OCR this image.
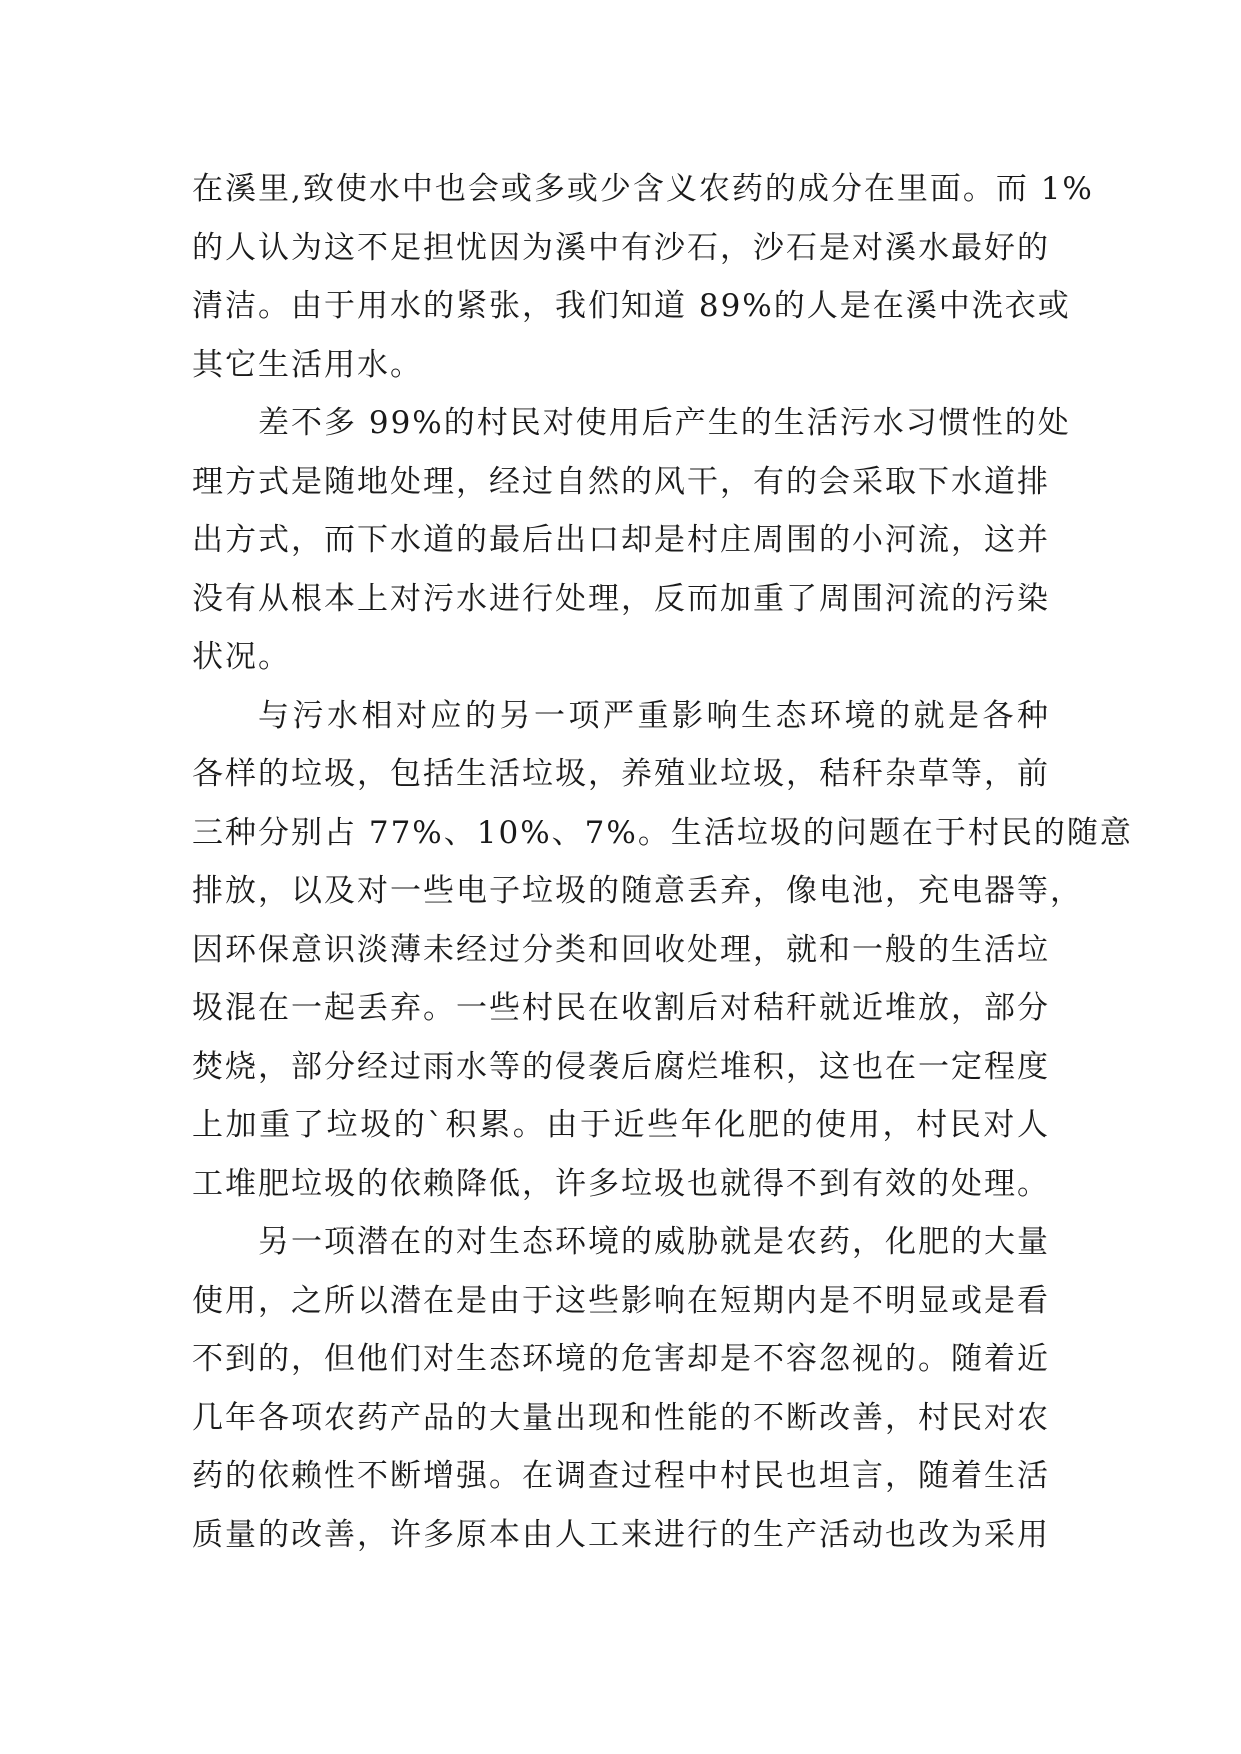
在溪里,致使水中也会或多或少含义农药的成分在里面。而 1%
的人认为这不足担忧因为溪中有沙石，沙石是对溪水最好的
清洁。由于用水的紧张，我们知道 89%的人是在溪中洗衣或
其它生活用水。
差不多 99%的村民对使用后产生的生活污水习惯性的处
理方式是随地处理，经过自然的风干，有的会采取下水道排
出方式，而下水道的最后出口却是村庄周围的小河流，这并
没有从根本上对污水进行处理，反而加重了周围河流的污染
状况。
与污水相对应的另一项严重影响生态环境的就是各种
各样的垃圾，包括生活垃圾，养殖业垃圾，秸秆杂草等，前
三种分别占 77%、10%、7%。生活垃圾的问题在于村民的随意
排放，以及对一些电子垃圾的随意丢弃，像电池，充电器等，
因环保意识淡薄未经过分类和回收处理，就和一般的生活垃
圾混在一起丢弃。一些村民在收割后对秸秆就近堆放，部分
焚烧，部分经过雨水等的侵袭后腐烂堆积，这也在一定程度
上加重了垃圾的`积累。由于近些年化肥的使用，村民对人
工堆肥垃圾的依赖降低，许多垃圾也就得不到有效的处理。
另一项潜在的对生态环境的威胁就是农药，化肥的大量
使用，之所以潜在是由于这些影响在短期内是不明显或是看
不到的，但他们对生态环境的危害却是不容忽视的。随着近
几年各项农药产品的大量出现和性能的不断改善，村民对农
药的依赖性不断增强。在调查过程中村民也坦言，随着生活
质量的改善，许多原本由人工来进行的生产活动也改为采用
